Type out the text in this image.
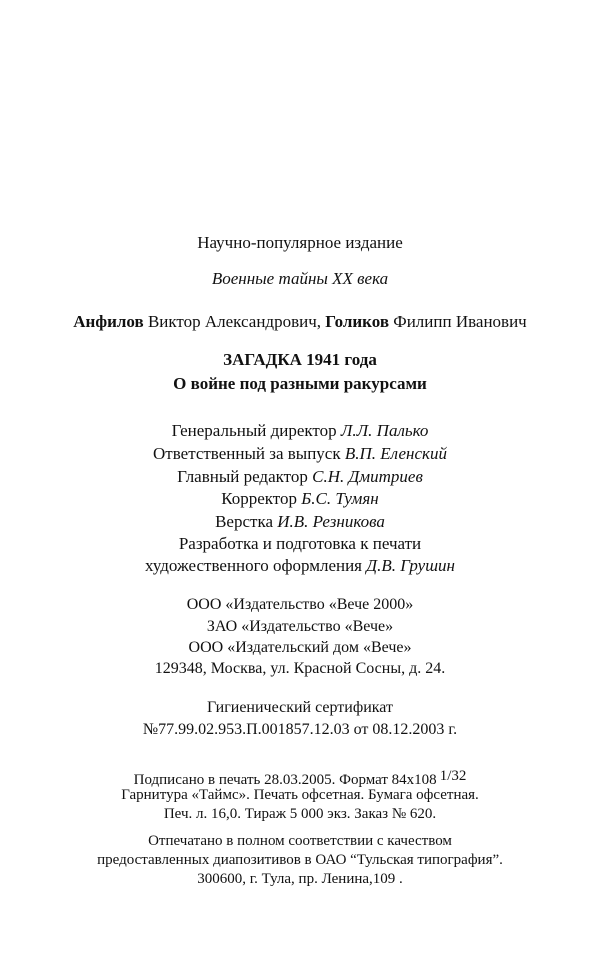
Научно-популярное издание
Военные тайны XX века
Анфилов Виктор Александрович, Голиков Филипп Иванович
ЗАГАДКА 1941 года
О войне под разными ракурсами
Генеральный директор Л.Л. Палько
Ответственный за выпуск В.П. Еленский
Главный редактор С.Н. Дмитриев
Корректор Б.С. Тумян
Верстка И.В. Резникова
Разработка и подготовка к печати
художественного оформления Д.В. Грушин
ООО «Издательство «Вече 2000»
ЗАО «Издательство «Вече»
ООО «Издательский дом «Вече»
129348, Москва, ул. Красной Сосны, д. 24.
Гигиенический сертификат
№77.99.02.953.П.001857.12.03 от 08.12.2003 г.
Подписано в печать 28.03.2005. Формат 84х108 1/32
Гарнитура «Таймс». Печать офсетная. Бумага офсетная.
Печ. л. 16,0. Тираж 5 000 экз. Заказ № 620.
Отпечатано в полном соответствии с качеством
предоставленных диапозитивов в ОАО “Тульская типография”.
300600, г. Тула, пр. Ленина,109 .
